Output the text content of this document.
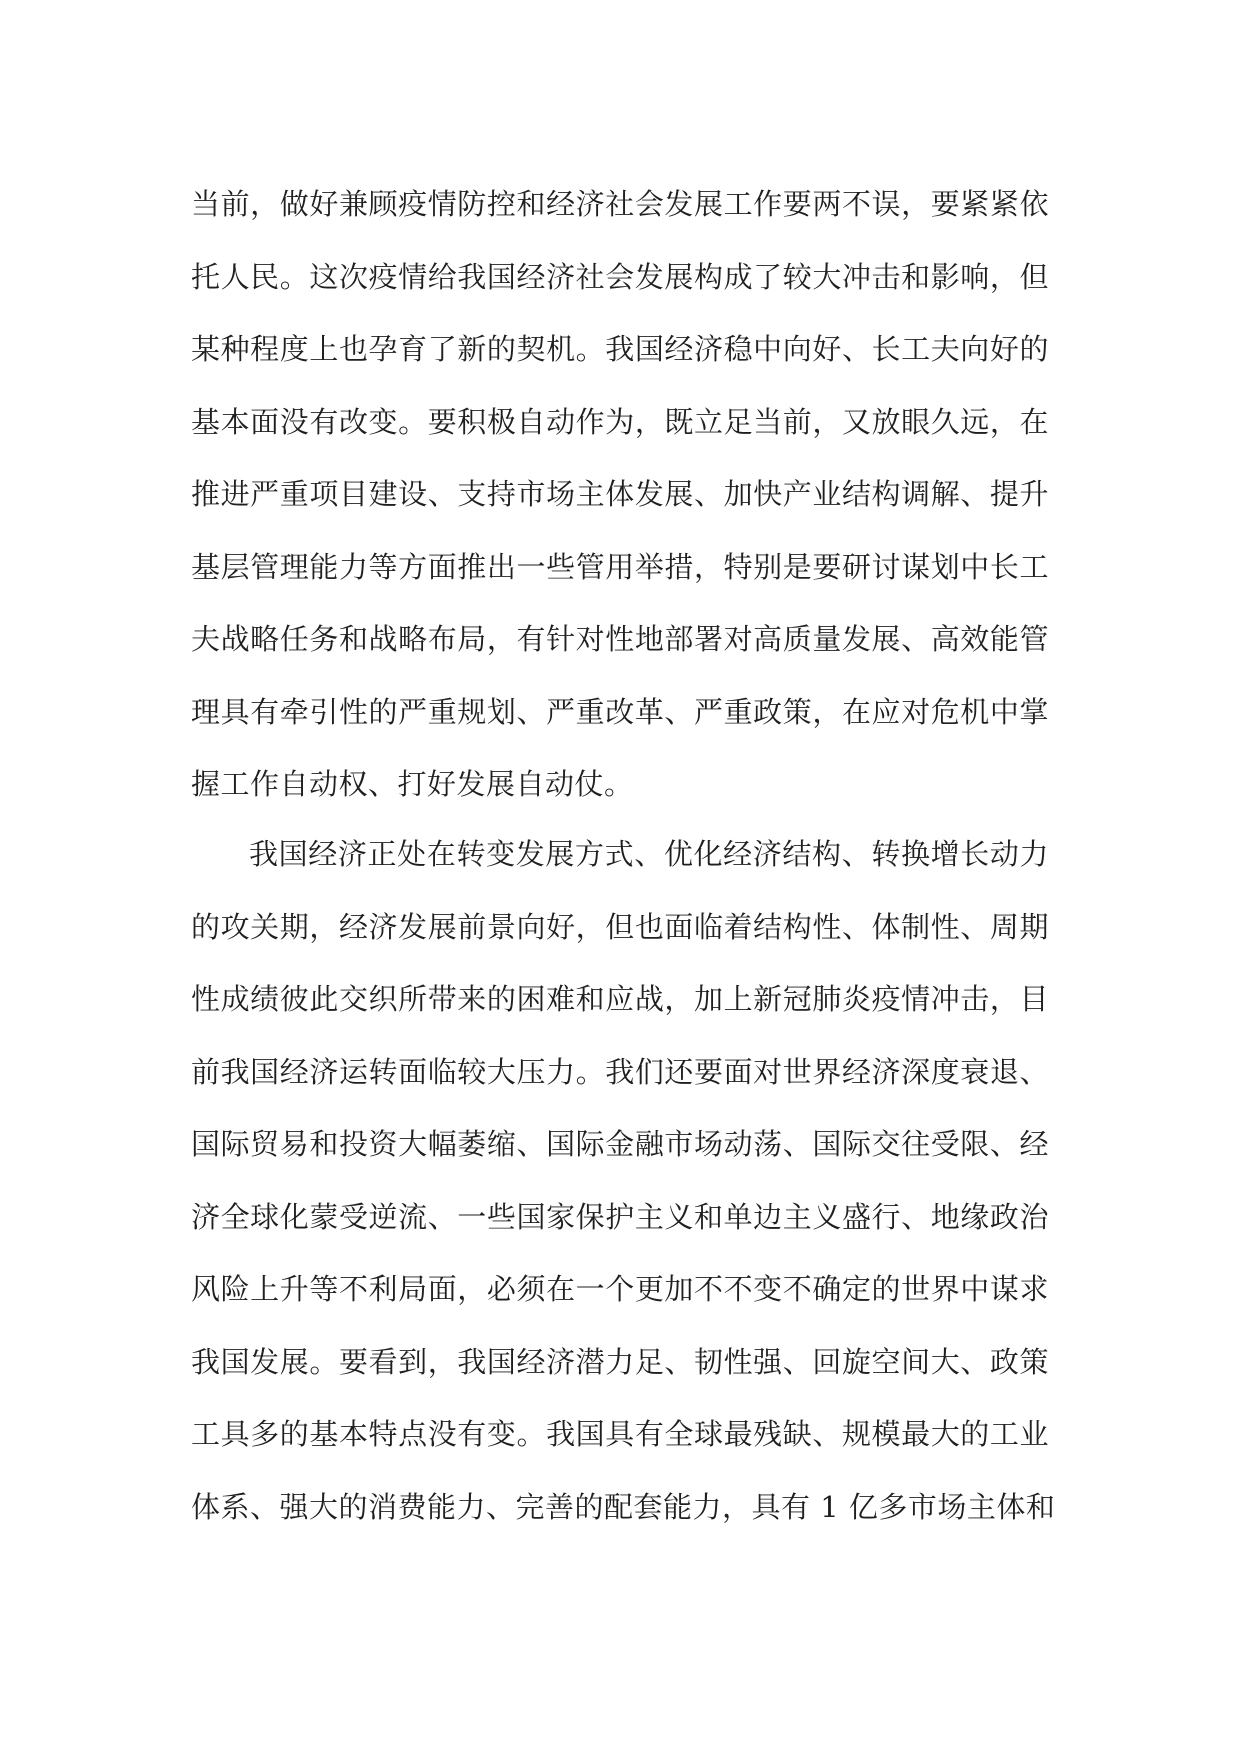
当前，做好兼顾疫情防控和经济社会发展工作要两不误，要紧紧依
托人民。这次疫情给我国经济社会发展构成了较大冲击和影响，但
某种程度上也孕育了新的契机。我国经济稳中向好、长工夫向好的
基本面没有改变。要积极自动作为，既立足当前，又放眼久远，在
推进严重项目建设、支持市场主体发展、加快产业结构调解、提升
基层管理能力等方面推出一些管用举措，特别是要研讨谋划中长工
夫战略任务和战略布局，有针对性地部署对高质量发展、高效能管
理具有牵引性的严重规划、严重改革、严重政策，在应对危机中掌
握工作自动权、打好发展自动仗。
我国经济正处在转变发展方式、优化经济结构、转换增长动力
的攻关期，经济发展前景向好，但也面临着结构性、体制性、周期
性成绩彼此交织所带来的困难和应战，加上新冠肺炎疫情冲击，目
前我国经济运转面临较大压力。我们还要面对世界经济深度衰退、
国际贸易和投资大幅萎缩、国际金融市场动荡、国际交往受限、经
济全球化蒙受逆流、一些国家保护主义和单边主义盛行、地缘政治
风险上升等不利局面，必须在一个更加不不变不确定的世界中谋求
我国发展。要看到，我国经济潜力足、韧性强、回旋空间大、政策
工具多的基本特点没有变。我国具有全球最残缺、规模最大的工业
体系、强大的消费能力、完善的配套能力，具有 1 亿多市场主体和
